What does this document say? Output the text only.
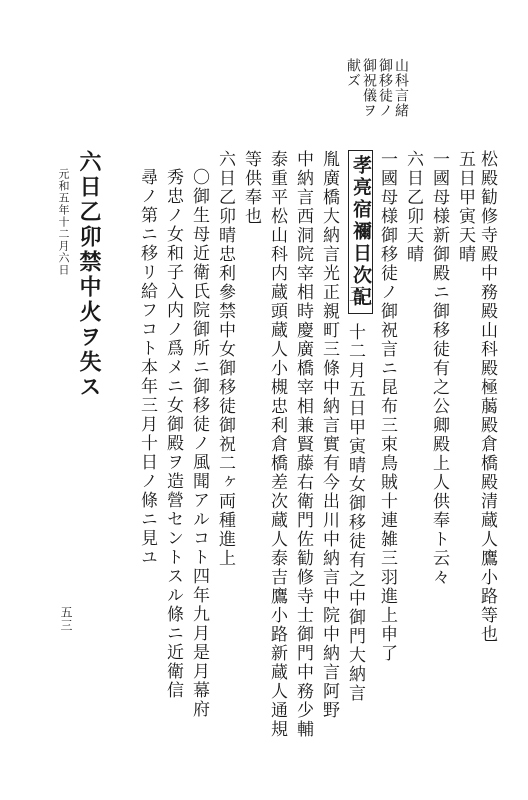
山科言緒
御移徒ノ
御祝儀ヲ
献ズ
松殿勧修寺殿中務殿山科殿極﨟殿倉橋殿清蔵人鷹小路等也
五日甲寅天晴
一國母様新御殿ニ御移徒有之公卿殿上人供奉ト云々
六日乙卯天晴
一國母様御移徒ノ御祝言ニ昆布三束鳥賊十連雑三羽進上申了
孝亮宿禰日次記
五　十二月五日甲寅晴女御移徒有之中御門大納言
胤廣橋大納言光正親町三條中納言實有今出川中納言中院中納言阿野
中納言西洞院宰相時慶廣橋宰相兼賢藤右衛門佐勧修寺士御門中務少輔
泰重平松山科内蔵頭蔵人小槻忠利倉橋差次蔵人泰吉鷹小路新蔵人通規
等供奉也
六日乙卯晴忠利參禁中女御移徒御祝二ヶ両種進上
〇御生母近衛氏院御所ニ御移徒ノ風聞アルコト四年九月是月幕府
秀忠ノ女和子入内ノ爲メニ女御殿ヲ造營セントスル條ニ近衛信
尋ノ第ニ移リ給フコト本年三月十日ノ條ニ見ユ
六日乙卯禁中火ヲ失ス
元和五年十二月六日
五三
